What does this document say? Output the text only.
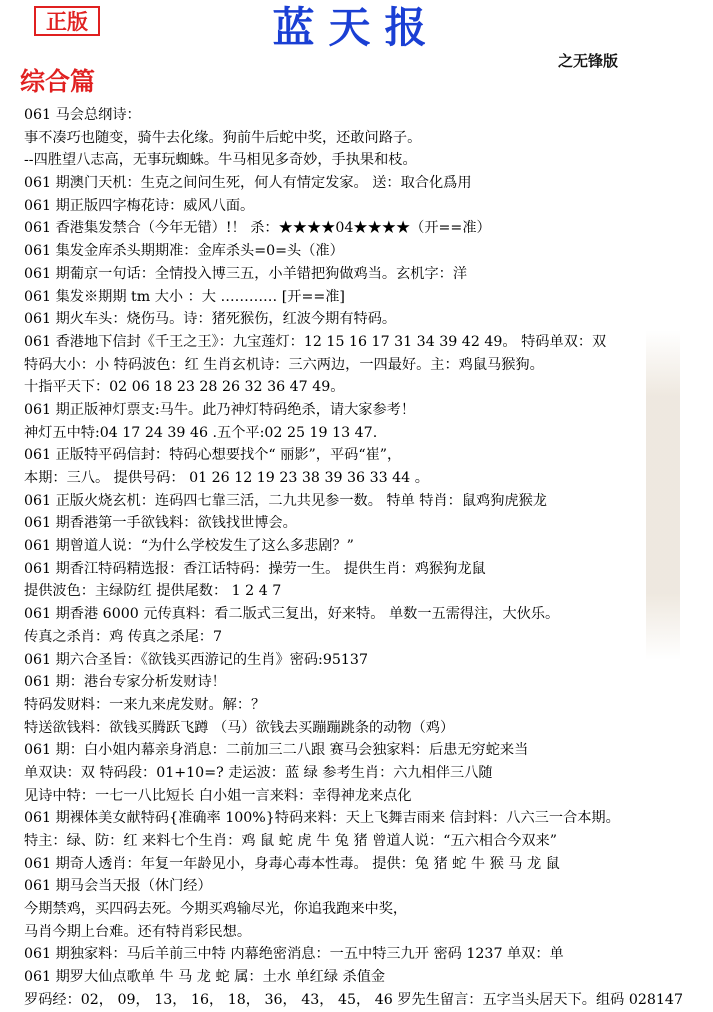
正版	蓝天报
之无锋版
综合篇
061 马会总纲诗：
事不凑巧也随变，骑牛去化缘。狗前牛后蛇中奖，还敢问路子。
--四胜望八志高，无事玩蜘蛛。牛马相见多奇妙，手执果和枝。
061 期澳门天机：生克之间问生死，何人有情定发家。 送：取合化爲用
061 期正版四字梅花诗：威风八面。
061 香港集发禁合（今年无错）!！ 杀：★★★★04★★★★（开==准）
061 集发金库杀头期期准：金库杀头=0=头（准）
061 期葡京一句话：全情投入博三五，小羊错把狗做鸡当。玄机字：洋
061 集发※期期 tm 大小 ：大 ………… [开==准]
061 期火车头：烧伤马。诗：猪死猴伤，红波今期有特码。
061 香港地下信封《千王之王》：九宝莲灯：12 15 16 17 31 34 39 42 49。 特码单双：双
特码大小：小 特码波色：红 生肖玄机诗：三六两边，一四最好。主：鸡鼠马猴狗。
十指平天下：02 06 18 23 28 26 32 36 47 49。
061 期正版神灯票支:马牛。此乃神灯特码绝杀，请大家参考！
神灯五中特:04 17 24 39 46 .五个平:02 25 19 13 47.
061 正版特平码信封：特码心想要找个“ 丽影”，平码“崔”，
本期：三八。 提供号码： 01 26 12 19 23 38 39 36 33 44 。
061 正版火烧玄机：连码四七靠三活，二九共见参一数。 特单 特肖：鼠鸡狗虎猴龙
061 期香港第一手欲钱料：欲钱找世博会。
061 期曾道人说：“为什么学校发生了这么多悲剧？”
061 期香江特码精选报：香江话特码：操劳一生。 提供生肖：鸡猴狗龙鼠
提供波色：主绿防红 提供尾数： 1 2 4 7
061 期香港 6000 元传真料：看二版式三复出，好来特。 单数一五需得注，大伙乐。
传真之杀肖：鸡 传真之杀尾：7
061 期六合圣旨：《欲钱买西游记的生肖》密码:95137
061 期：港台专家分析发财诗！
特码发财料：一来九来虎发财。解：？
特送欲钱料：欲钱买腾跃飞蹲 （马）欲钱去买蹦蹦跳条的动物（鸡）
061 期：白小姐内幕亲身消息：二前加三二八跟 赛马会独家料：后患无穷蛇来当
单双诀：双 特码段：01+10=? 走运波：蓝 绿 参考生肖：六九相伴三八随
见诗中特：一七一八比短长 白小姐一言来料：幸得神龙来点化
061 期裸体美女献特码{准确率 100%}特码来料：天上飞舞吉雨来 信封料：八六三一合本期。
特主：绿、防：红 来料七个生肖：鸡 鼠 蛇 虎 牛 兔 猪 曾道人说：“五六相合今双来”
061 期奇人透肖：年复一年龄见小，身毒心毒本性毒。 提供：兔 猪 蛇 牛 猴 马 龙 鼠
061 期马会当天报（休门经）
今期禁鸡，买四码去死。今期买鸡输尽光，你追我跑来中奖，
马肖今期上台难。还有特肖彩民想。
061 期独家料：马后羊前三中特 内幕绝密消息：一五中特三九开 密码 1237 单双：单
061 期罗大仙点歌单 牛 马 龙 蛇 属：土水 单红绿 杀值金
罗码经：02， 09， 13， 16， 18， 36， 43， 45， 46 罗先生留言：五字当头居天下。组码 028147
